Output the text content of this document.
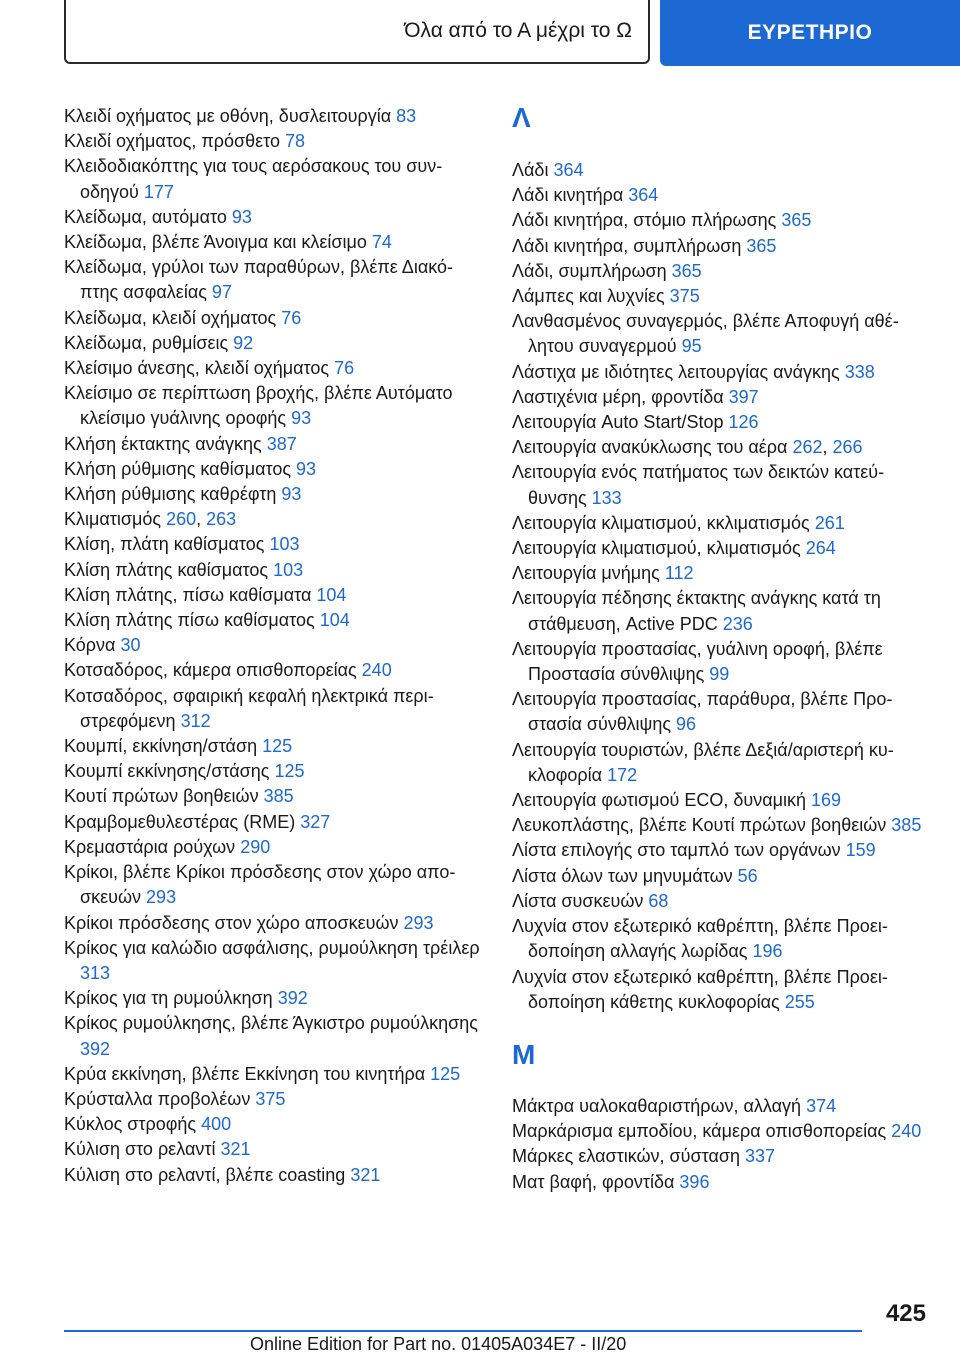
Όλα από το Α μέχρι το Ω	ΕΥΡΕΤΗΡΙΟ
Κλειδί οχήματος με οθόνη, δυσλειτουργία 83
Κλειδί οχήματος, πρόσθετο 78
Κλειδοδιακόπτης για τους αερόσακους του συνοδηγού 177
Κλείδωμα, αυτόματο 93
Κλείδωμα, βλέπε Άνοιγμα και κλείσιμο 74
Κλείδωμα, γρύλοι των παραθύρων, βλέπε Διακόπτης ασφαλείας 97
Κλείδωμα, κλειδί οχήματος 76
Κλείδωμα, ρυθμίσεις 92
Κλείσιμο άνεσης, κλειδί οχήματος 76
Κλείσιμο σε περίπτωση βροχής, βλέπε Αυτόματο κλείσιμο γυάλινης οροφής 93
Κλήση έκτακτης ανάγκης 387
Κλήση ρύθμισης καθίσματος 93
Κλήση ρύθμισης καθρέφτη 93
Κλιματισμός 260, 263
Κλίση, πλάτη καθίσματος 103
Κλίση πλάτης καθίσματος 103
Κλίση πλάτης, πίσω καθίσματα 104
Κλίση πλάτης πίσω καθίσματος 104
Κόρνα 30
Κοτσαδόρος, κάμερα οπισθοπορείας 240
Κοτσαδόρος, σφαιρική κεφαλή ηλεκτρικά περιστρεφόμενη 312
Κουμπί, εκκίνηση/στάση 125
Κουμπί εκκίνησης/στάσης 125
Κουτί πρώτων βοηθειών 385
Κραμβομεθυλεστέρας (RME) 327
Κρεμαστάρια ρούχων 290
Κρίκοι, βλέπε Κρίκοι πρόσδεσης στον χώρο αποσκευών 293
Κρίκοι πρόσδεσης στον χώρο αποσκευών 293
Κρίκος για καλώδιο ασφάλισης, ρυμούλκηση τρέιλερ 313
Κρίκος για τη ρυμούλκηση 392
Κρίκος ρυμούλκησης, βλέπε Άγκιστρο ρυμούλκησης 392
Κρύα εκκίνηση, βλέπε Εκκίνηση του κινητήρα 125
Κρύσταλλα προβολέων 375
Κύκλος στροφής 400
Κύλιση στο ρελαντί 321
Κύλιση στο ρελαντί, βλέπε coasting 321
Λ
Λάδι 364
Λάδι κινητήρα 364
Λάδι κινητήρα, στόμιο πλήρωσης 365
Λάδι κινητήρα, συμπλήρωση 365
Λάδι, συμπλήρωση 365
Λάμπες και λυχνίες 375
Λανθασμένος συναγερμός, βλέπε Αποφυγή αθέλητου συναγερμού 95
Λάστιχα με ιδιότητες λειτουργίας ανάγκης 338
Λαστιχένια μέρη, φροντίδα 397
Λειτουργία Auto Start/Stop 126
Λειτουργία ανακύκλωσης του αέρα 262, 266
Λειτουργία ενός πατήματος των δεικτών κατεύθυνσης 133
Λειτουργία κλιματισμού, κκλιματισμός 261
Λειτουργία κλιματισμού, κλιματισμός 264
Λειτουργία μνήμης 112
Λειτουργία πέδησης έκτακτης ανάγκης κατά τη στάθμευση, Active PDC 236
Λειτουργία προστασίας, γυάλινη οροφή, βλέπε Προστασία σύνθλιψης 99
Λειτουργία προστασίας, παράθυρα, βλέπε Προστασία σύνθλιψης 96
Λειτουργία τουριστών, βλέπε Δεξιά/αριστερή κυκλοφορία 172
Λειτουργία φωτισμού ECO, δυναμική 169
Λευκοπλάστης, βλέπε Κουτί πρώτων βοηθειών 385
Λίστα επιλογής στο ταμπλό των οργάνων 159
Λίστα όλων των μηνυμάτων 56
Λίστα συσκευών 68
Λυχνία στον εξωτερικό καθρέπτη, βλέπε Προειδοποίηση αλλαγής λωρίδας 196
Λυχνία στον εξωτερικό καθρέπτη, βλέπε Προειδοποίηση κάθετης κυκλοφορίας 255
Μ
Μάκτρα υαλοκαθαριστήρων, αλλαγή 374
Μαρκάρισμα εμποδίου, κάμερα οπισθοπορείας 240
Μάρκες ελαστικών, σύσταση 337
Ματ βαφή, φροντίδα 396
425
Online Edition for Part no. 01405A034E7 - II/20
